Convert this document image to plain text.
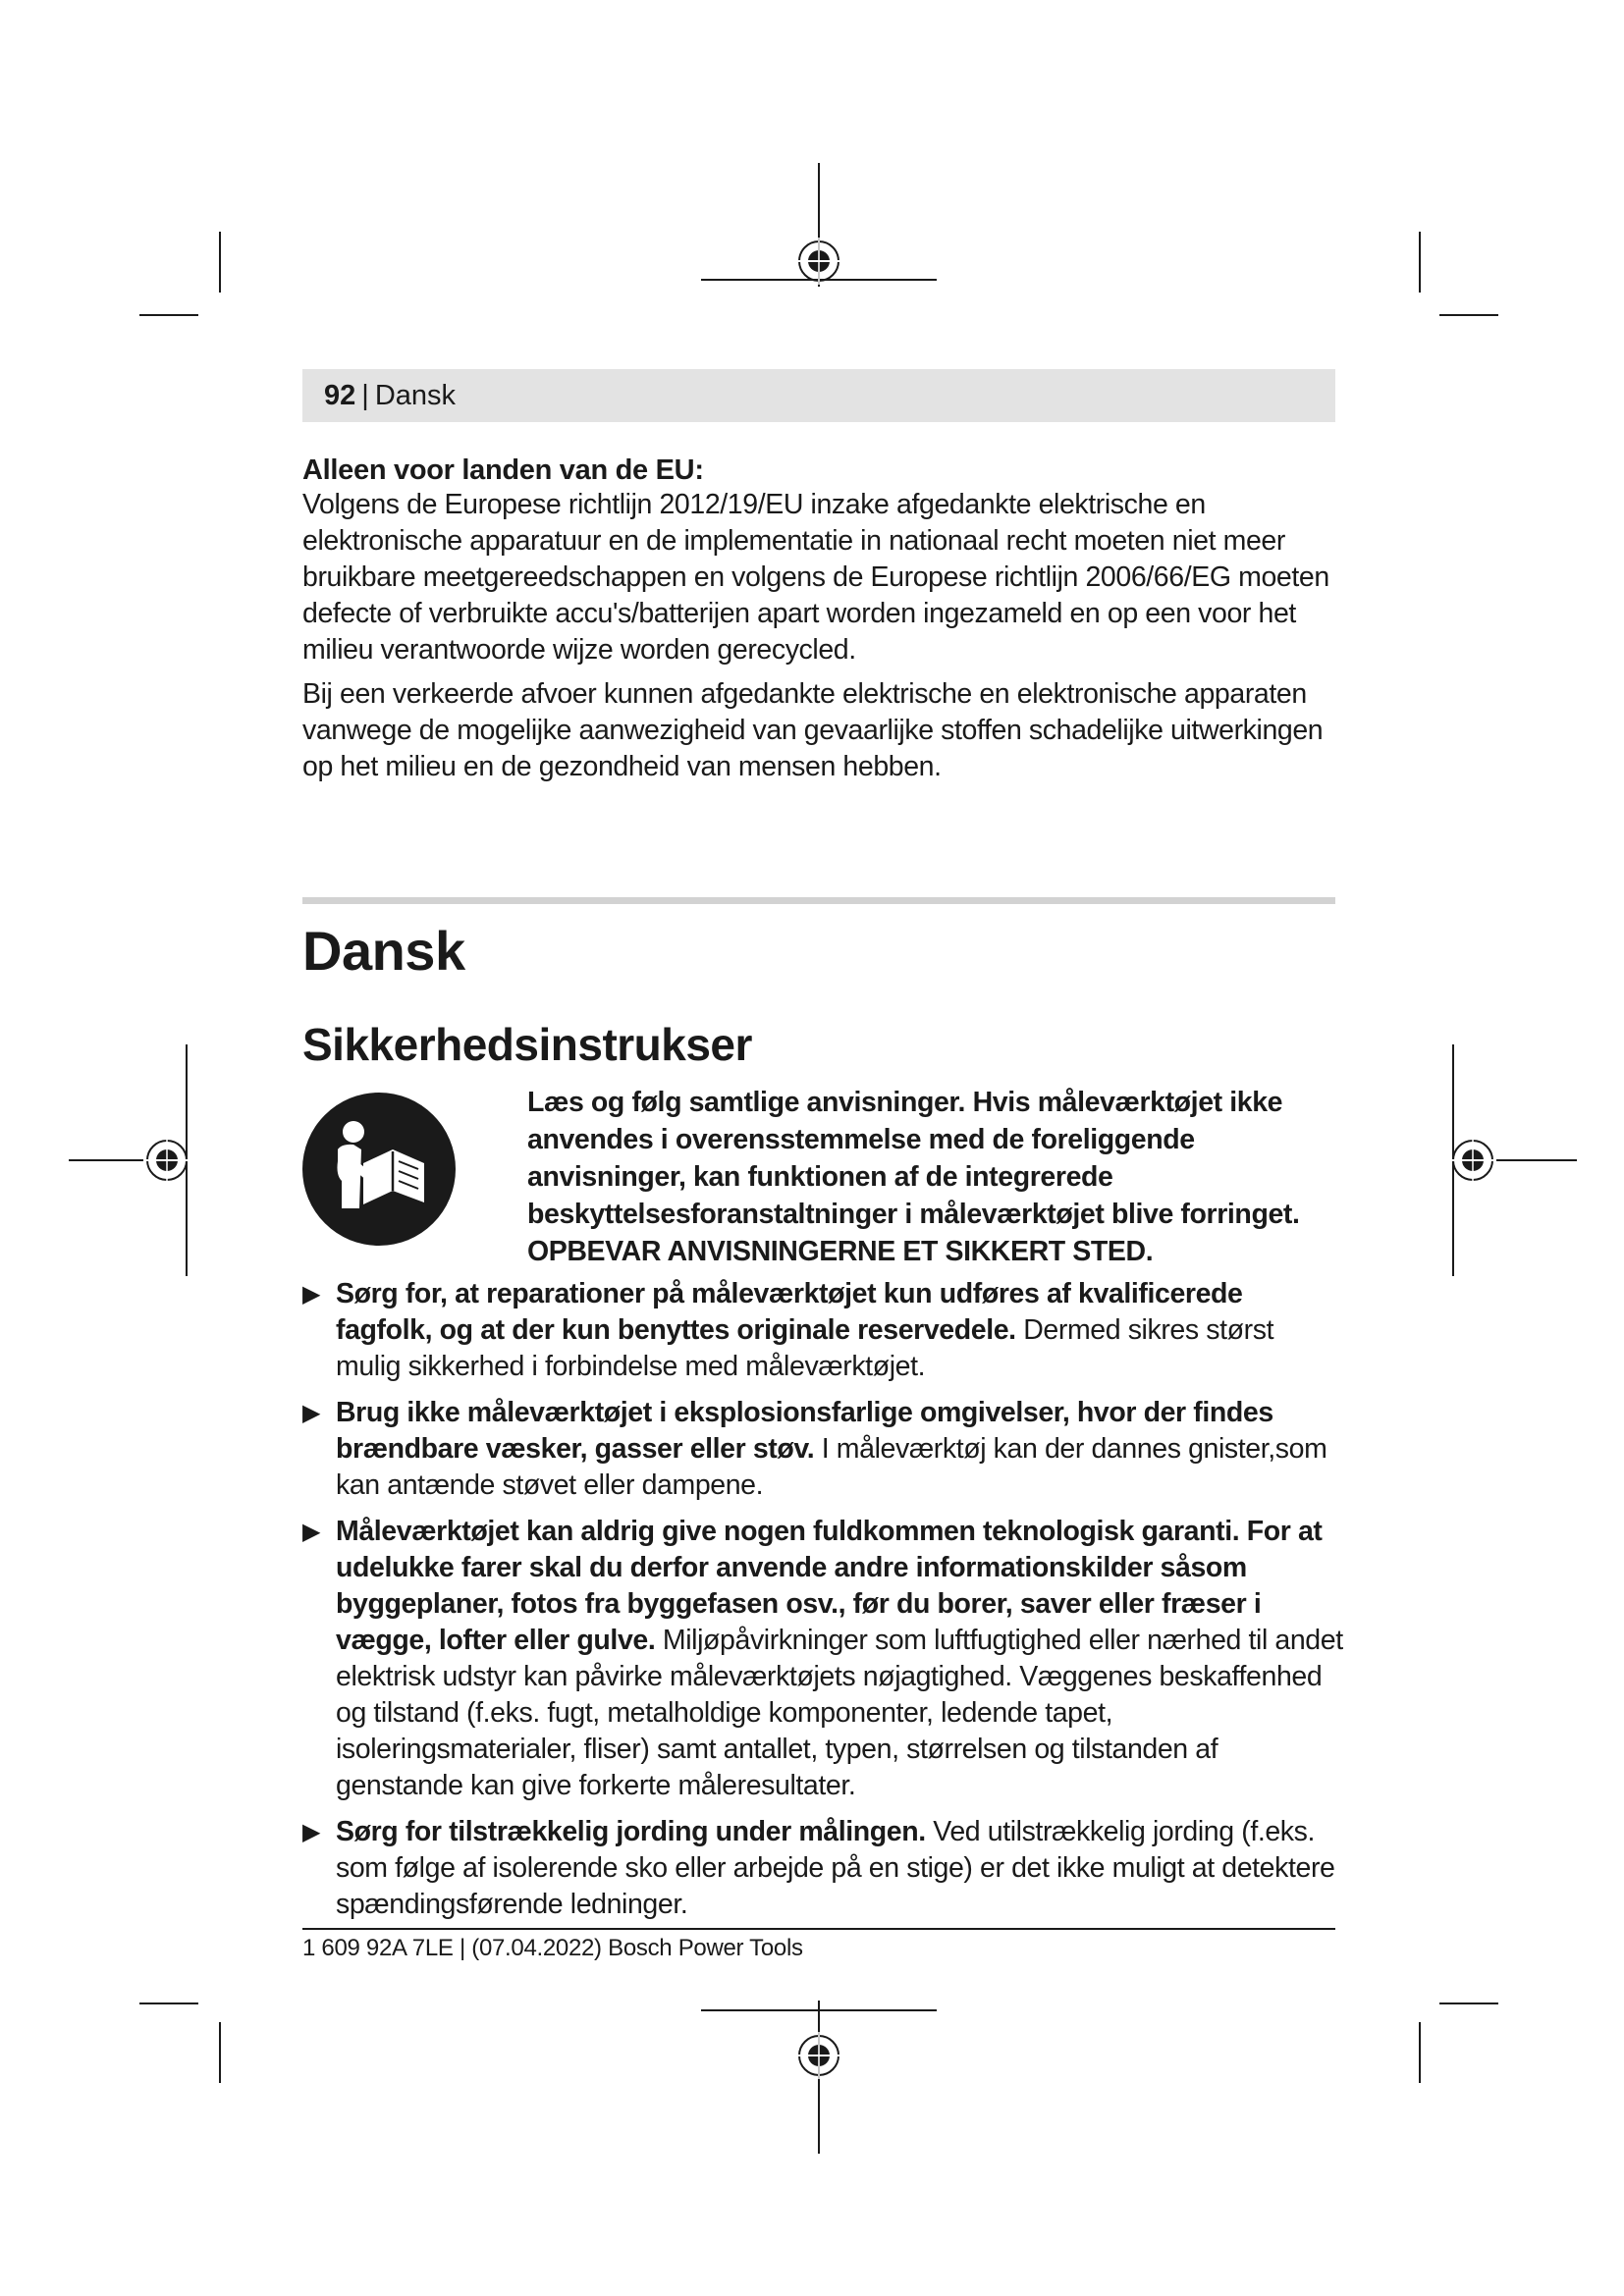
92 | Dansk
Alleen voor landen van de EU:

Volgens de Europese richtlijn 2012/19/EU inzake afgedankte elektrische en elektronische apparatuur en de implementatie in nationaal recht moeten niet meer bruikbare meetgereedschappen en volgens de Europese richtlijn 2006/66/EG moeten defecte of verbruikte accu's/batterijen apart worden ingezameld en op een voor het milieu verantwoorde wijze worden gerecycled.

Bij een verkeerde afvoer kunnen afgedankte elektrische en elektronische apparaten vanwege de mogelijke aanwezigheid van gevaarlijke stoffen schadelijke uitwerkingen op het milieu en de gezondheid van mensen hebben.

Dansk
Sikkerhedsinstrukser
Læs og følg samtlige anvisninger. Hvis måleværktøjet ikke anvendes i overensstemmelse med de foreliggende anvisninger, kan funktionen af de integrerede beskyttelsesforanstaltninger i måleværktøjet blive forringet. OPBEVAR ANVISNINGERNE ET SIKKERT STED.
▶ Sørg for, at reparationer på måleværktøjet kun udføres af kvalificerede fagfolk, og at der kun benyttes originale reservedele. Dermed sikres størst mulig sikkerhed i forbindelse med måleværktøjet.
▶ Brug ikke måleværktøjet i eksplosionsfarlige omgivelser, hvor der findes brændbare væsker, gasser eller støv. I måleværktøj kan der dannes gnister,som kan antænde støvet eller dampene.
▶ Måleværktøjet kan aldrig give nogen fuldkommen teknologisk garanti. For at udelukke farer skal du derfor anvende andre informationskilder såsom byggeplaner, fotos fra byggefasen osv., før du borer, saver eller fræser i vægge, lofter eller gulve. Miljøpåvirkninger som luftfugtighed eller nærhed til andet elektrisk udstyr kan påvirke måleværktøjets nøjagtighed. Væggenes beskaffenhed og tilstand (f.eks. fugt, metalholdige komponenter, ledende tapet, isoleringsmaterialer, fliser) samt antallet, typen, størrelsen og tilstanden af genstande kan give forkerte måleresultater.
▶ Sørg for tilstrækkelig jording under målingen. Ved utilstrækkelig jording (f.eks. som følge af isolerende sko eller arbejde på en stige) er det ikke muligt at detektere spændingsførende ledninger.
1 609 92A 7LE | (07.04.2022) Bosch Power Tools
